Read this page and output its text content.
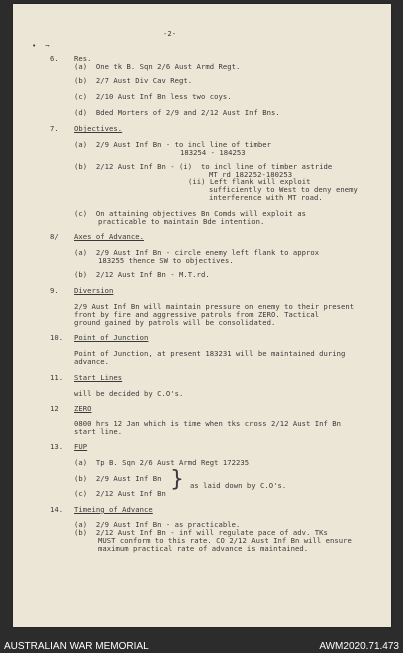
-2-
•  ¬
6. Res.
(a)  One tk B. Sqn 2/6 Aust Armd Regt.
(b)  2/7 Aust Div Cav Regt.
(c)  2/10 Aust Inf Bn less two coys.
(d)  Bded Morters of 2/9 and 2/12 Aust Inf Bns.
7. Objectives.
(a)  2/9 Aust Inf Bn - to incl line of timber
183254 - 184253
(b)  2/12 Aust Inf Bn - (i)  to incl line of timber astride
MT rd 182252-180253
(ii) Left flank will exploit
sufficiently to West to deny enemy
interference with MT road.
(c)  On attaining objectives Bn Comds will exploit as
practicable to maintain Bde intention.
8/ Axes of Advance.
(a)  2/9 Aust Inf Bn - circle enemy left flank to approx
183255 thence SW to objectives.
(b)  2/12 Aust Inf Bn - M.T.rd.
9. Diversion
2/9 Aust Inf Bn will maintain pressure on enemy to their present
front by fire and aggressive patrols from ZERO. Tactical
ground gained by patrols will be consolidated.
10. Point of Junction
Point of Junction, at present 183231 will be maintained during
advance.
11. Start Lines
will be decided by C.O's.
12 ZERO
0800 hrs 12 Jan which is time when tks cross 2/12 Aust Inf Bn
start line.
13. FUP
(a)  Tp B. Sqn 2/6 Aust Armd Regt 172235
(b)  2/9 Aust Inf Bn
(c)  2/12 Aust Inf Bn
} as laid down by C.O's.
14. Timeing of Advance
(a)  2/9 Aust Inf Bn - as practicable.
(b)  2/12 Aust Inf Bn - inf will regulate pace of adv. TKs
MUST conform to this rate. CO 2/12 Aust Inf Bn will ensure
maximum practical rate of advance is maintained.
AUSTRALIAN WAR MEMORIAL	AWM2020.71.473
